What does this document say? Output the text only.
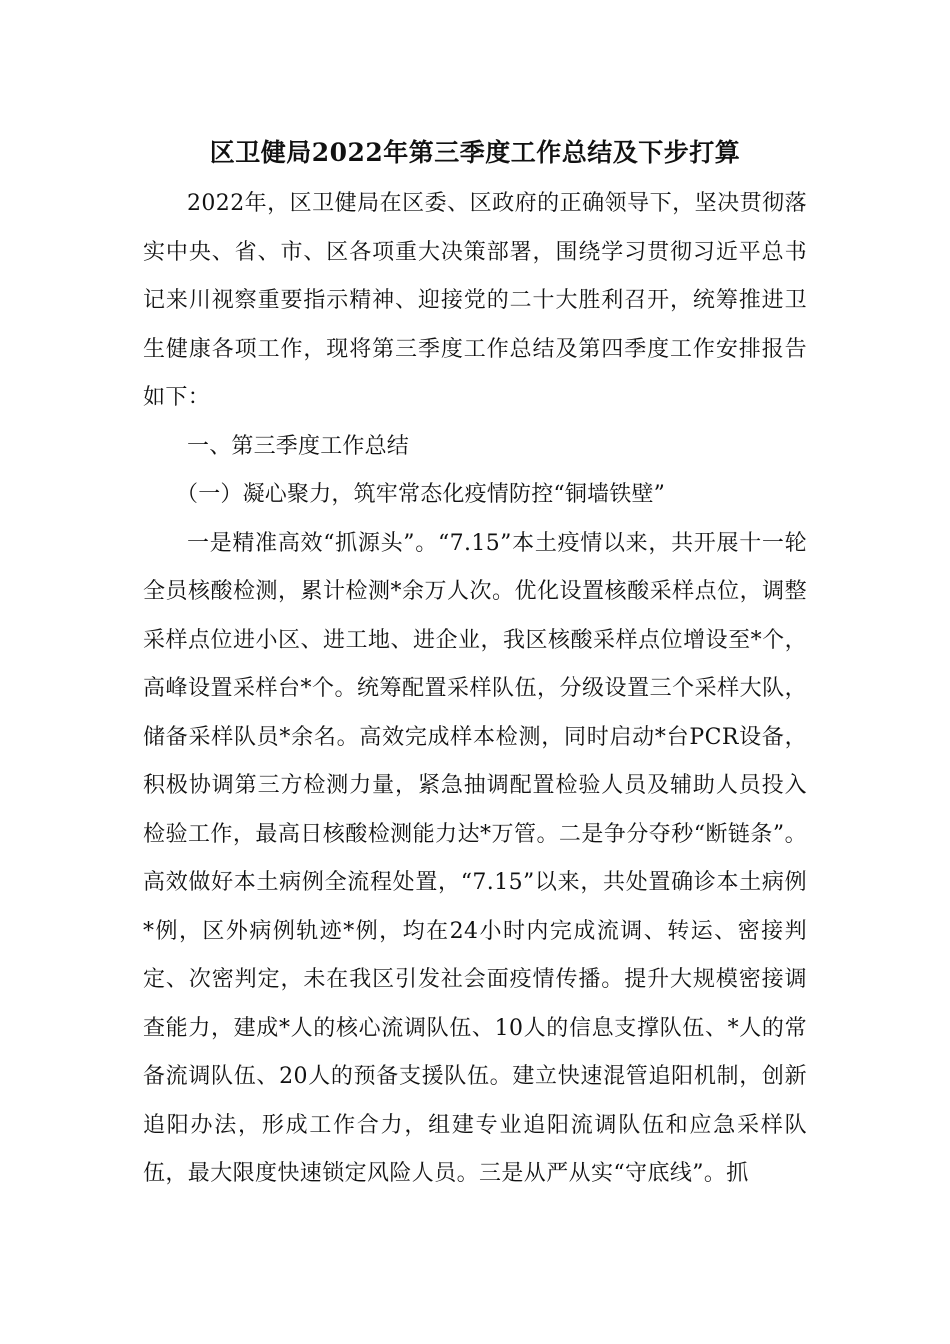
区卫健局2022年第三季度工作总结及下步打算

2022年，区卫健局在区委、区政府的正确领导下，坚决贯彻落实中央、省、市、区各项重大决策部署，围绕学习贯彻习近平总书记来川视察重要指示精神、迎接党的二十大胜利召开，统筹推进卫生健康各项工作，现将第三季度工作总结及第四季度工作安排报告如下：

一、第三季度工作总结

（一）凝心聚力，筑牢常态化疫情防控“铜墙铁壁”

一是精准高效“抓源头”。“7.15”本土疫情以来，共开展十一轮全员核酸检测，累计检测*余万人次。优化设置核酸采样点位，调整采样点位进小区、进工地、进企业，我区核酸采样点位增设至*个，高峰设置采样台*个。统筹配置采样队伍，分级设置三个采样大队，储备采样队员*余名。高效完成样本检测，同时启动*台PCR设备，积极协调第三方检测力量，紧急抽调配置检验人员及辅助人员投入检验工作，最高日核酸检测能力达*万管。二是争分夺秒“断链条”。高效做好本土病例全流程处置，“7.15”以来，共处置确诊本土病例*例，区外病例轨迹*例，均在24小时内完成流调、转运、密接判定、次密判定，未在我区引发社会面疫情传播。提升大规模密接调查能力，建成*人的核心流调队伍、10人的信息支撑队伍、*人的常备流调队伍、20人的预备支援队伍。建立快速混管追阳机制，创新追阳办法，形成工作合力，组建专业追阳流调队伍和应急采样队伍，最大限度快速锁定风险人员。三是从严从实“守底线”。抓
